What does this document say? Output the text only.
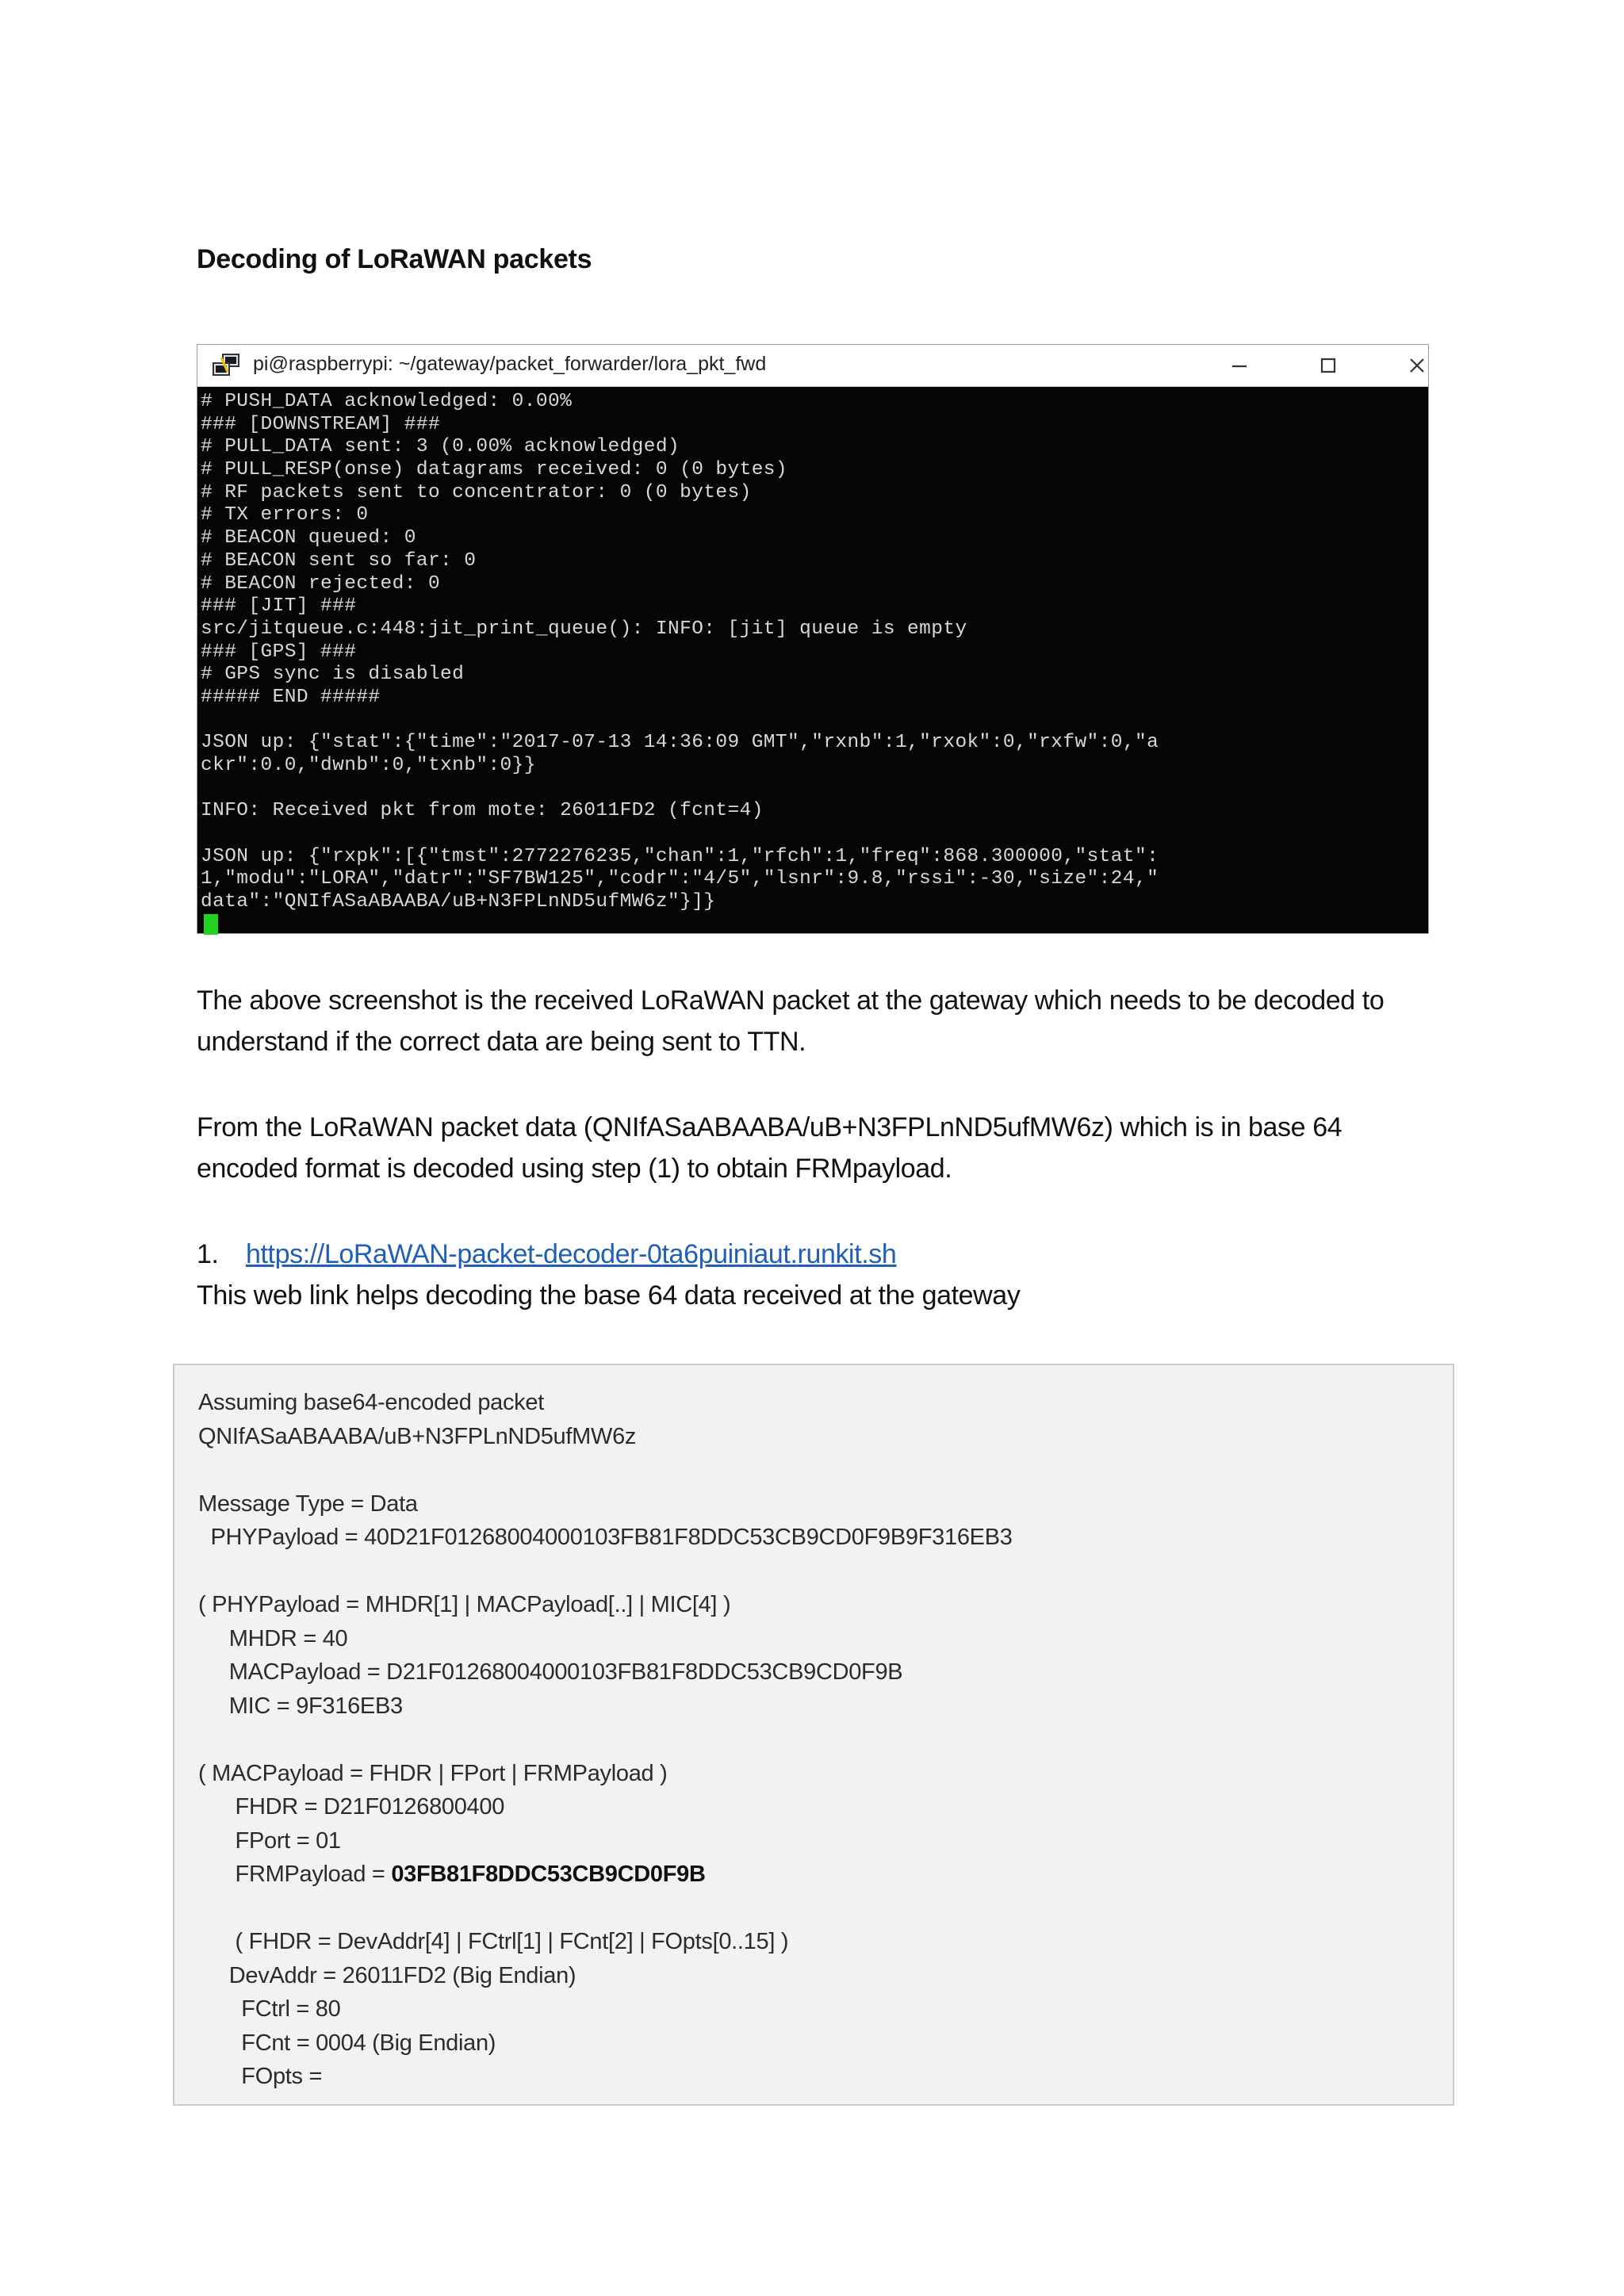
Decoding of LoRaWAN packets
pi@raspberrypi: ~/gateway/packet_forwarder/lora_pkt_fwd
# PUSH_DATA acknowledged: 0.00%
### [DOWNSTREAM] ###
# PULL_DATA sent: 3 (0.00% acknowledged)
# PULL_RESP(onse) datagrams received: 0 (0 bytes)
# RF packets sent to concentrator: 0 (0 bytes)
# TX errors: 0
# BEACON queued: 0
# BEACON sent so far: 0
# BEACON rejected: 0
### [JIT] ###
src/jitqueue.c:448:jit_print_queue(): INFO: [jit] queue is empty
### [GPS] ###
# GPS sync is disabled
##### END #####
JSON up: {"stat":{"time":"2017-07-13 14:36:09 GMT","rxnb":1,"rxok":0,"rxfw":0,"a
ckr":0.0,"dwnb":0,"txnb":0}}
INFO: Received pkt from mote: 26011FD2 (fcnt=4)
JSON up: {"rxpk":[{"tmst":2772276235,"chan":1,"rfch":1,"freq":868.300000,"stat":
1,"modu":"LORA","datr":"SF7BW125","codr":"4/5","lsnr":9.8,"rssi":-30,"size":24,"
data":"QNIfASaABAABA/uB+N3FPLnND5ufMW6z"}]}
The above screenshot is the received LoRaWAN packet at the gateway which needs to be decoded to understand if the correct data are being sent to TTN.
From the LoRaWAN packet data (QNIfASaABAABA/uB+N3FPLnND5ufMW6z) which is in base 64 encoded format is decoded using step (1) to obtain FRMpayload.
1. https://LoRaWAN-packet-decoder-0ta6puiniaut.runkit.sh
This web link helps decoding the base 64 data received at the gateway
Assuming base64-encoded packet
QNIfASaABAABA/uB+N3FPLnND5ufMW6z
Message Type = Data
PHYPayload = 40D21F01268004000103FB81F8DDC53CB9CD0F9B9F316EB3
( PHYPayload = MHDR[1] | MACPayload[..] | MIC[4] )
MHDR = 40
MACPayload = D21F01268004000103FB81F8DDC53CB9CD0F9B
MIC = 9F316EB3
( MACPayload = FHDR | FPort | FRMPayload )
FHDR = D21F0126800400
FPort = 01
FRMPayload = 03FB81F8DDC53CB9CD0F9B
( FHDR = DevAddr[4] | FCtrl[1] | FCnt[2] | FOpts[0..15] )
DevAddr = 26011FD2 (Big Endian)
FCtrl = 80
FCnt = 0004 (Big Endian)
FOpts =
